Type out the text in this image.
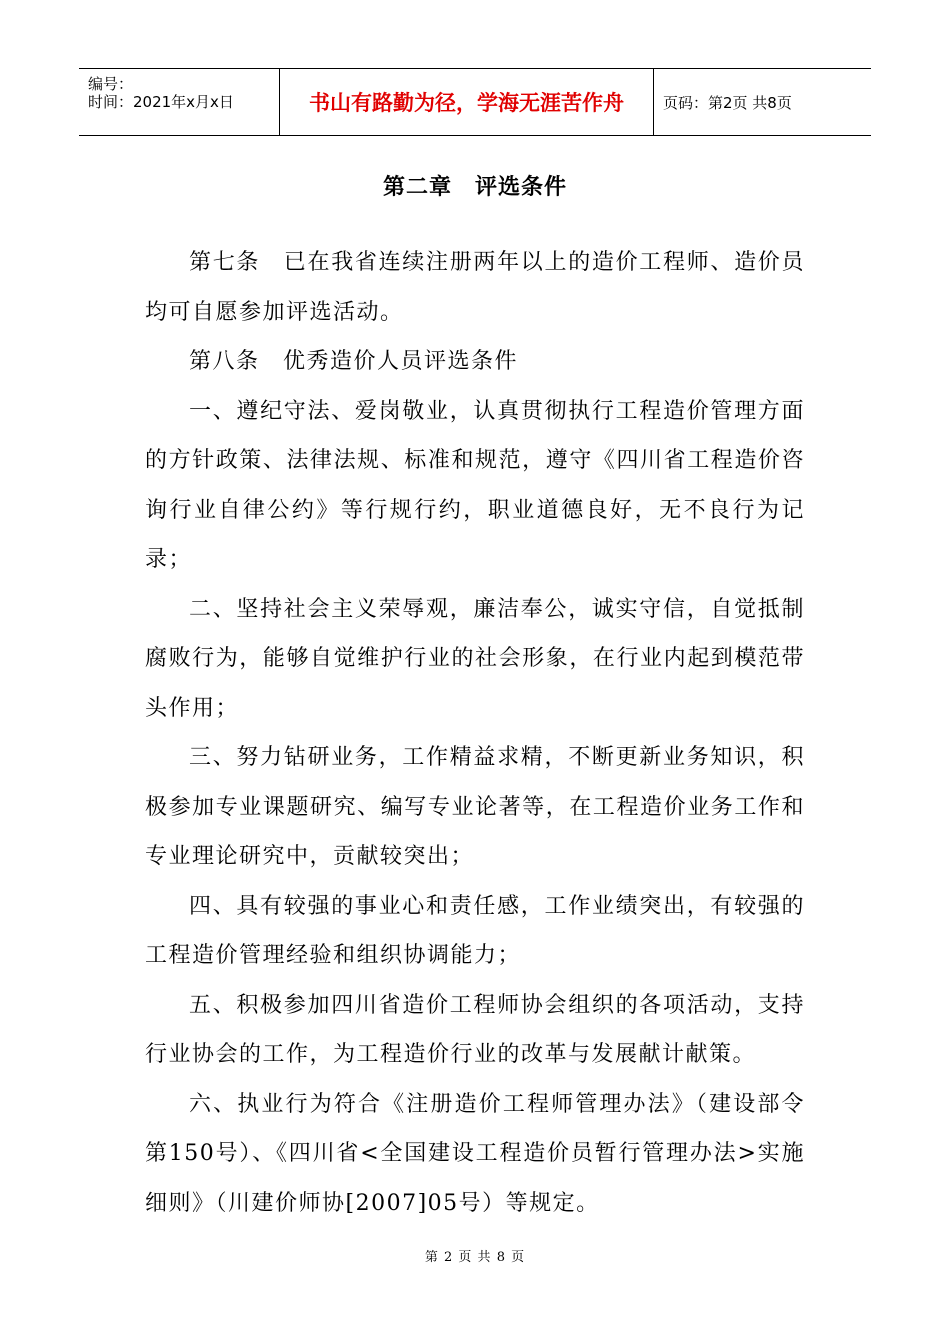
编号：
时间：2021年x月x日	书山有路勤为径，学海无涯苦作舟	页码：第2页 共8页
第二章　评选条件

第七条　已在我省连续注册两年以上的造价工程师、造价员均可自愿参加评选活动。

第八条　优秀造价人员评选条件

一、遵纪守法、爱岗敬业，认真贯彻执行工程造价管理方面的方针政策、法律法规、标准和规范，遵守《四川省工程造价咨询行业自律公约》等行规行约，职业道德良好，无不良行为记录；

二、坚持社会主义荣辱观，廉洁奉公，诚实守信，自觉抵制腐败行为，能够自觉维护行业的社会形象，在行业内起到模范带头作用；

三、努力钻研业务，工作精益求精，不断更新业务知识，积极参加专业课题研究、编写专业论著等，在工程造价业务工作和专业理论研究中，贡献较突出；

四、具有较强的事业心和责任感，工作业绩突出，有较强的工程造价管理经验和组织协调能力；

五、积极参加四川省造价工程师协会组织的各项活动，支持行业协会的工作，为工程造价行业的改革与发展献计献策。

六、执业行为符合《注册造价工程师管理办法》（建设部令第150号）、《四川省<全国建设工程造价员暂行管理办法>实施细则》（川建价师协[2007]05号）等规定。

第 2 页 共 8 页
